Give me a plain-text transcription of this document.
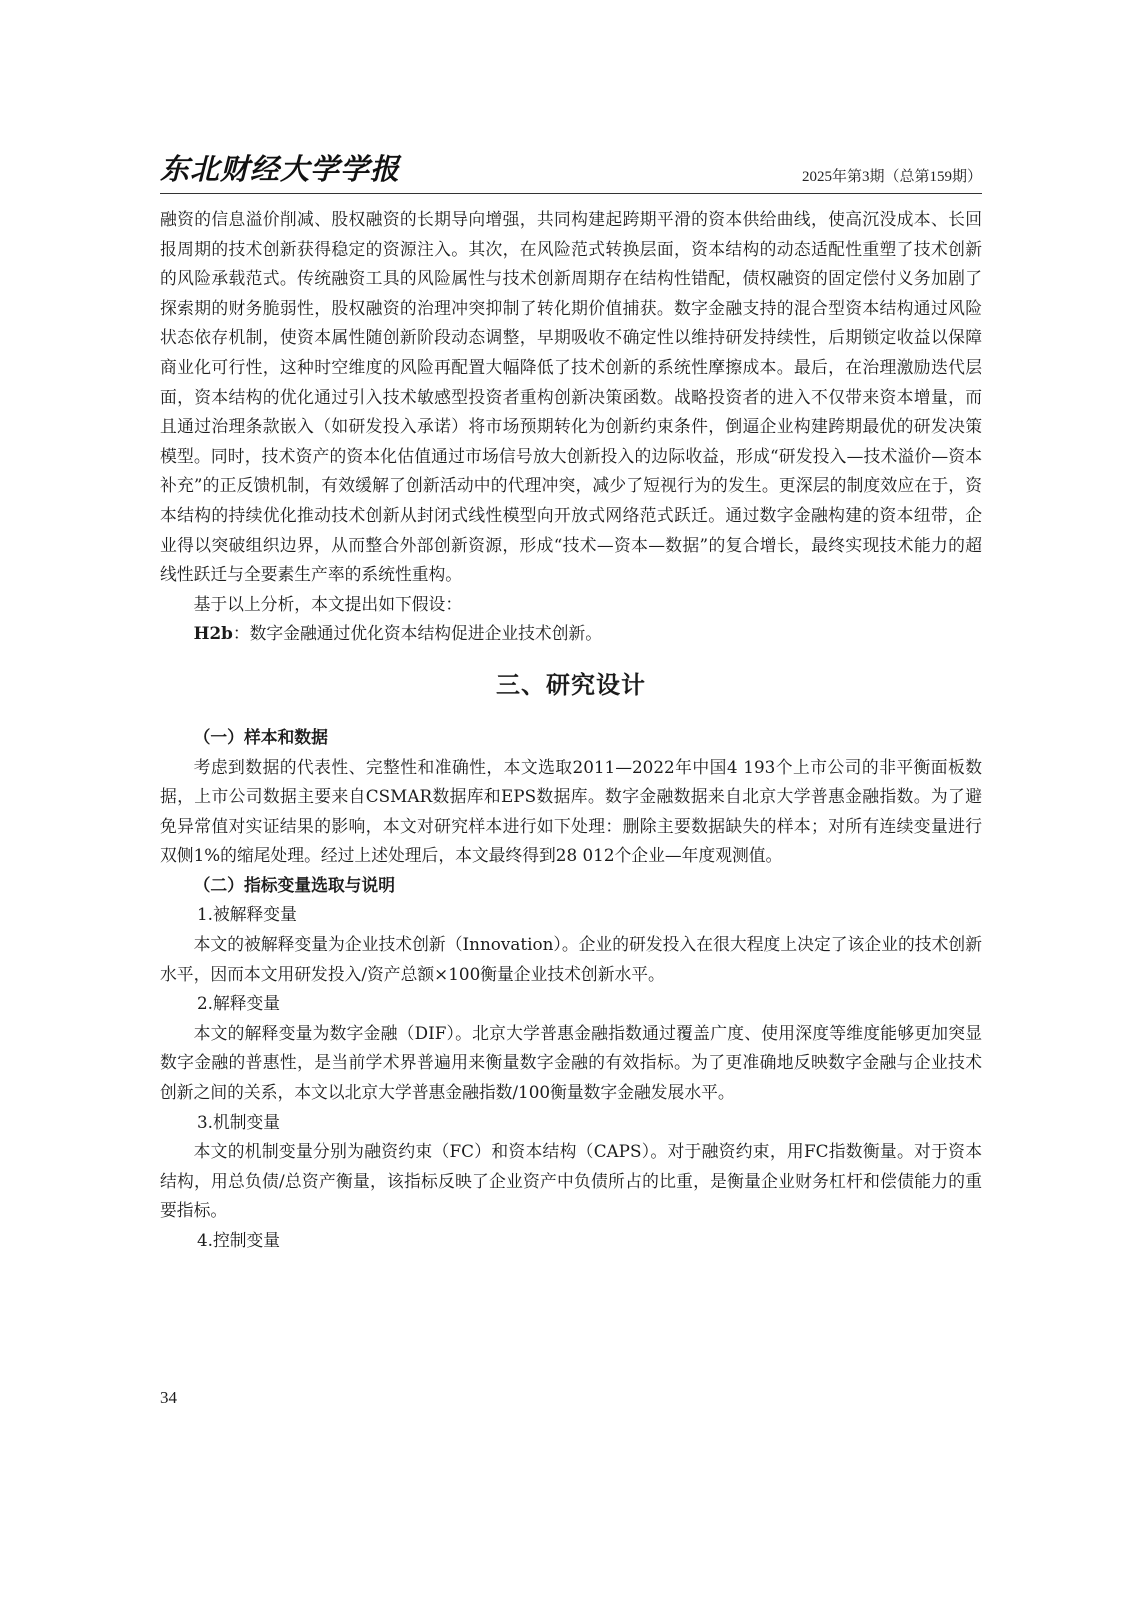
东北财经大学学报	2025年第3期（总第159期）

融资的信息溢价削减、股权融资的长期导向增强，共同构建起跨期平滑的资本供给曲线，使高沉没成本、长回报周期的技术创新获得稳定的资源注入。其次，在风险范式转换层面，资本结构的动态适配性重塑了技术创新的风险承载范式。传统融资工具的风险属性与技术创新周期存在结构性错配，债权融资的固定偿付义务加剧了探索期的财务脆弱性，股权融资的治理冲突抑制了转化期价值捕获。数字金融支持的混合型资本结构通过风险状态依存机制，使资本属性随创新阶段动态调整，早期吸收不确定性以维持研发持续性，后期锁定收益以保障商业化可行性，这种时空维度的风险再配置大幅降低了技术创新的系统性摩擦成本。最后，在治理激励迭代层面，资本结构的优化通过引入技术敏感型投资者重构创新决策函数。战略投资者的进入不仅带来资本增量，而且通过治理条款嵌入（如研发投入承诺）将市场预期转化为创新约束条件，倒逼企业构建跨期最优的研发决策模型。同时，技术资产的资本化估值通过市场信号放大创新投入的边际收益，形成“研发投入—技术溢价—资本补充”的正反馈机制，有效缓解了创新活动中的代理冲突，减少了短视行为的发生。更深层的制度效应在于，资本结构的持续优化推动技术创新从封闭式线性模型向开放式网络范式跃迁。通过数字金融构建的资本纽带，企业得以突破组织边界，从而整合外部创新资源，形成“技术—资本—数据”的复合增长，最终实现技术能力的超线性跃迁与全要素生产率的系统性重构。

基于以上分析，本文提出如下假设：

H2b：数字金融通过优化资本结构促进企业技术创新。

三、研究设计

（一）样本和数据

考虑到数据的代表性、完整性和准确性，本文选取2011—2022年中国4 193个上市公司的非平衡面板数据，上市公司数据主要来自CSMAR数据库和EPS数据库。数字金融数据来自北京大学普惠金融指数。为了避免异常值对实证结果的影响，本文对研究样本进行如下处理：删除主要数据缺失的样本；对所有连续变量进行双侧1%的缩尾处理。经过上述处理后，本文最终得到28 012个企业—年度观测值。

（二）指标变量选取与说明

1.被解释变量

本文的被解释变量为企业技术创新（Innovation）。企业的研发投入在很大程度上决定了该企业的技术创新水平，因而本文用研发投入/资产总额×100衡量企业技术创新水平。

2.解释变量

本文的解释变量为数字金融（DIF）。北京大学普惠金融指数通过覆盖广度、使用深度等维度能够更加突显数字金融的普惠性，是当前学术界普遍用来衡量数字金融的有效指标。为了更准确地反映数字金融与企业技术创新之间的关系，本文以北京大学普惠金融指数/100衡量数字金融发展水平。

3.机制变量

本文的机制变量分别为融资约束（FC）和资本结构（CAPS）。对于融资约束，用FC指数衡量。对于资本结构，用总负债/总资产衡量，该指标反映了企业资产中负债所占的比重，是衡量企业财务杠杆和偿债能力的重要指标。

4.控制变量

34
